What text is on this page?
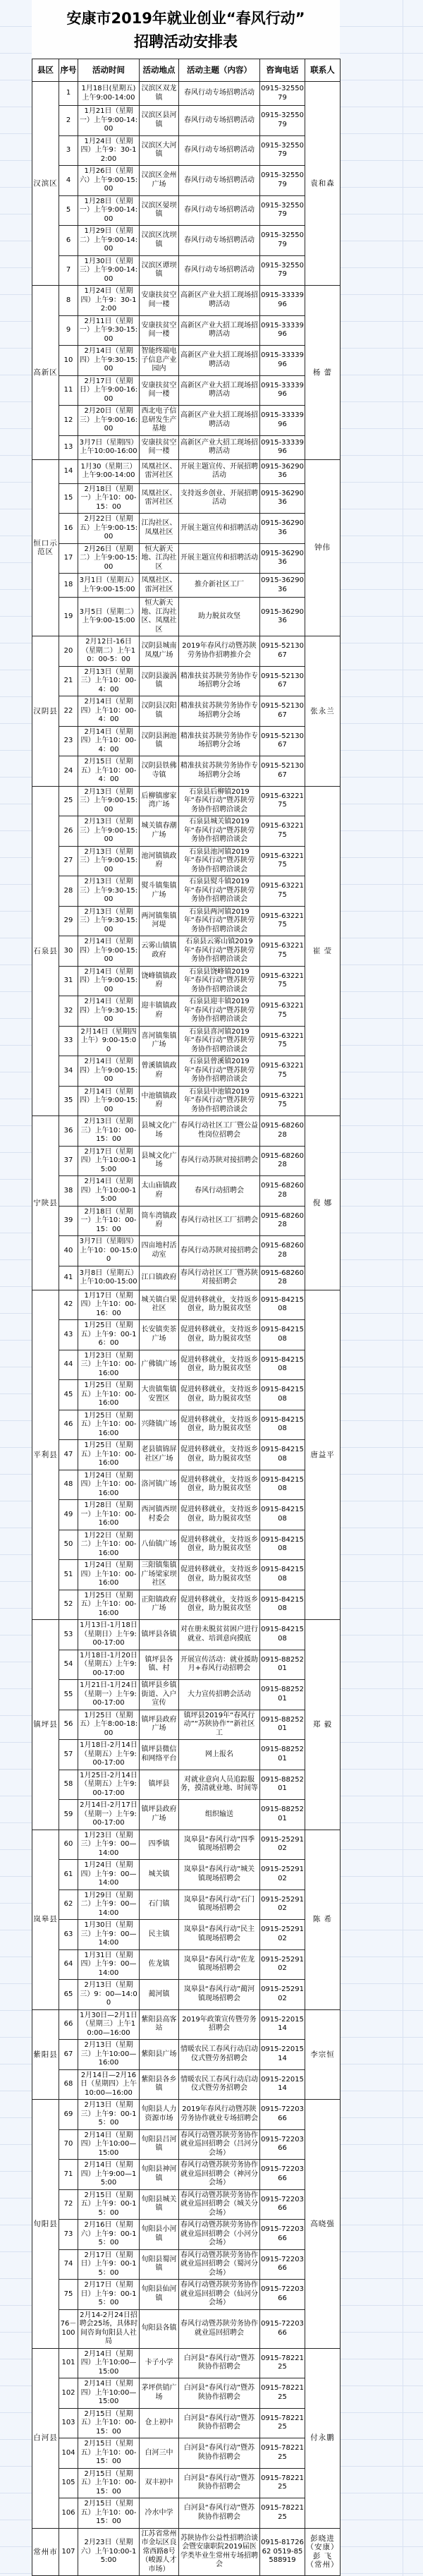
安康市2019年就业创业“春风行动”
招聘活动安排表
县区	序号	活动时间	活动地点	活动主题（内容）	咨询电话	联系人
汉滨区	1	1月18日(星期五)上午9:00-14:00	汉滨区双龙镇	春风行动专场招聘活动	0915-3255079	袁和森
	2	1月21日（星期一）上午9:00-14:00	汉滨区县河镇	春风行动专场招聘活动	0915-3255079	
	3	1月24日（星期四）上午9：30-12:00	汉滨区大河镇	春风行动专场招聘活动	0915-3255079	
	4	1月26日（星期六）上午9:00-15:00	汉滨区金州广场	春风行动专场招聘活动	0915-3255079	
	5	1月28日（星期一）上午9:00-14:00	汉滨区晏坝镇	春风行动专场招聘活动	0915-3255079	
	6	1月29日（星期二）上午9:00-14:00	汉滨区沈坝镇	春风行动专场招聘活动	0915-3255079	
	7	1月30日（星期三）上午9:00-14:00	汉滨区谭坝镇	春风行动专场招聘活动	0915-3255079	
高新区	8	1月24日（星期四）上午9：30-12:00	安康扶贫空间一楼	高新区产业大招工现场招聘活动	0915-3333996	杨 蕾
	9	2月11日（星期一）上午9:30-15:00	安康扶贫空间一楼	高新区产业大招工现场招聘活动	0915-3333996	
	10	2月14日（星期四）上午9:30-15:00	智能终端电子信息产业园内	高新区产业大招工现场招聘活动	0915-3333996	
	11	2月17日（星期日）上午9:00-16:00	安康扶贫空间一楼	高新区产业大招工现场招聘活动	0915-3333996	
	12	2月20日（星期三）上午9:00-16:00	西北电子信息研发生产基地	高新区产业大招工现场招聘活动	0915-3333996	
	13	3月7日（星期四）上午10:00-16:00	安康扶贫空间一楼	高新区产业大招工现场招聘活动	0915-3333996	
恒口示范区	14	1月30（星期三）上午9:00-14:00	凤凰社区、雷河社区	开展主题宣传、开展招聘活动	0915-3629036	钟伟
	15	2月18日（星期一）上午10：00-15：00	凤凰社区、雷河社区	支持返乡创业、开展招聘活动	0915-3629036	
	16	2月22日（星期五）上午9:00-15:00	江沟社区、凤凰社区	开展主题宣传和招聘活动	0915-3629036	
	17	2月26日（星期二）上午9:00-15:00	恒大新天地、江沟社区	开展主题宣传和招聘活动	0915-3629036	
	18	3月1日（星期五）上午9:00-15:00	凤凰社区、雷河社区	推介新社区工厂	0915-3629036	
	19	3月5日（星期二）上午9:00-15:00	恒大新天地、江沟社区、凤凰社区	助力脱贫攻坚	0915-3629036	
汉阴县	20	2月12日-16日（星期二）上午10：00-5：00	汉阴县城南凤凰广场	2019年春风行动暨苏陕劳务协作招聘推介会	0915-5213067	张永兰
	21	2月13日（星期三）上午10：00-4：00	汉阴县漩涡镇	精准扶贫苏陕劳务协作专场招聘分会场	0915-5213067	
	22	2月14日（星期四）上午10：00-4：00	汉阴县汉阳镇	精准扶贫苏陕劳务协作专场招聘分会场	0915-5213067	
	23	2月14日（星期四）上午10：00-4：00	汉阴县涧池镇	精准扶贫苏陕劳务协作专场招聘分会场	0915-5213067	
	24	2月15日（星期五）上午10：00-4：00	汉阴县铁佛寺镇	精准扶贫苏陕劳务协作专场招聘分会场	0915-5213067	
石泉县	25	2月13日（星期三）上午9:00-15:00	后柳镇廖家湾广场	石泉县后柳镇2019年“春风行动”暨苏陕劳务协作招聘洽谈会	0915-6322175	崔 莹
	26	2月13日（星期三）上午9:00-15:00	城关镇春潮广场	石泉县城关镇2019年“春风行动”暨苏陕劳务协作招聘洽谈会	0915-6322175	
	27	2月13日（星期三）上午9:00-15:00	池河镇镇政府	石泉县池河镇2019年“春风行动”暨苏陕劳务协作招聘洽谈会	0915-6322175	
	28	2月13日（星期三）上午9:30-15:00	熨斗镇集镇广场	石泉县熨斗镇2019年“春风行动”暨苏陕劳务协作招聘洽谈会	0915-6322175	
	29	2月13日（星期三）上午9:30-15:00	两河镇集镇河堤	石泉县两河镇2019年“春风行动”暨苏陕劳务协作招聘洽谈会	0915-6322175	
	30	2月14日（星期四）上午9:00-15:00	云雾山镇镇政府	石泉县云雾山镇2019年“春风行动”暨苏陕劳务协作招聘洽谈会	0915-6322175	
	31	2月14日（星期四）上午9:00-15:00	饶峰镇镇政府	石泉县饶峰镇2019年“春风行动”暨苏陕劳务协作招聘洽谈会	0915-6322175	
	32	2月14日（星期四）上午9:30-15:00	迎丰镇镇政府	石泉县迎丰镇2019年“春风行动”暨苏陕劳务协作招聘洽谈会	0915-6322175	
	33	2月14日（星期四上午）9:00-15:00	喜河镇集镇广场	石泉县喜河镇2019年“春风行动”暨苏陕劳务协作招聘洽谈会	0915-6322175	
	34	2月14日（星期四）上午9:00-15:00	曾溪镇镇政府	石泉县曾溪镇2019年“春风行动”暨苏陕劳务协作招聘洽谈会	0915-6322175	
	35	2月14日（星期四）上午9:00-15:00	中池镇镇政府	石泉县中池镇2019年“春风行动”暨苏陕劳务协作招聘洽谈会	0915-6322175	
宁陕县	36	2月13日（星期三）上午10：00-15：00	县城文化广场	春风行动社区工厂暨公益性岗位招聘会	0915-6826028	倪 娜
	37	2月17日（星期四）上午10:00-15:00	县城文化广场	春风行动苏陕对接招聘会	0915-6826028	
	38	2月14日（星期四）上午10:00-15:00	太山庙镇政府	春风行动招聘会	0915-6826028	
	39	2月18日（星期一）上午10：00-15：00	筒车湾镇政府	春风行动社区工厂招聘会	0915-6826028	
	40	3月7日（星期四）上午10：00-15:00	四亩地村活动室	春风行动苏陕对接招聘会	0915-6826028	
	41	3月8日（星期五）上午10:00-15:00	江口镇政府	春风行动社区工厂暨苏陕对接招聘会	0915-6826028	
平利县	42	1月17日（星期四）上午10：00-16：00	城关镇白果社区	促进转移就业，支持返乡创业，助力脱贫攻坚	0915-8421508	唐益平
	43	1月25日（星期五）上午9：00-16：00	长安镇奕茶广场	促进转移就业，支持返乡创业，助力脱贫攻坚	0915-8421508	
	44	1月23日（星期三）上午10：00-16:00	广佛镇广场	促进转移就业，支持返乡创业，助力脱贫攻坚	0915-8421508	
	45	1月25日（星期五）上午10：00-16:00	大贵镇集镇安置区	促进转移就业，支持返乡创业，助力脱贫攻坚	0915-8421508	
	46	1月25日（星期五）上午10：00-16:00	兴隆镇广场	促进转移就业，支持返乡创业，助力脱贫攻坚	0915-8421508	
	47	1月25日（星期五）上午10：00-16:00	老县镇锦屏社区广场	促进转移就业，支持返乡创业，助力脱贫攻坚	0915-8421508	
	48	1月24日（星期四）上午10：00-16:00	洛河镇广场	促进转移就业，支持返乡创业，助力脱贫攻坚	0915-8421508	
	49	1月28日（星期一）上午10：00-16:00	西河镇西坝村委会	促进转移就业，支持返乡创业，助力脱贫攻坚	0915-8421508	
	50	1月22日（星期二）上午10：00-16:00	八仙镇广场	促进转移就业，支持返乡创业，助力脱贫攻坚	0915-8421508	
	51	1月24日（星期四）上午10：00-16:00	三阳镇集镇广场梁家坝社区	促进转移就业，支持返乡创业，助力脱贫攻坚	0915-8421508	
	52	1月25日（星期五）上午10：00-16:00	正阳镇政府广场	促进转移就业，支持返乡创业，助力脱贫攻坚	0915-8421508	
镇坪县	53	1月13日-1月18日（星期日）上午9:00-17:00	镇坪县各镇	对在册未脱贫贫困户进行就业、培训意向摸底	0915-8421508	郑 毅
	54	1月18日-1月20日（星期五）上午9:00-17:00	镇坪县各镇、村	开展宣传活动：就业援助月+春风行动招聘会	0915-8825201	
	55	1月21日-1月24日（星期一）上午9:00-17:00	镇坪县乡镇街道、入户宣传	大力宣传招聘会活动	0915-8825201	
	56	1月25日（星期五）上午8:00-18:00	镇坪县政府广场	镇坪县2019年“春风行动”“苏陕协作”“新社区工	0915-8825201	
	57	1月18日-2月14日（星期五）上午9:00-17:00	镇坪县微信和网络平台	网上报名	0915-8825201	
	58	1月25日-2月14日（星期五）上午9:00-17:00	镇坪县	对就业意向人员追踪服务，摸清就业地、时间等	0915-8825201	
	59	2月14日-2月17日（星期一）上午9:00-17:00	镇坪县政府广场	组织输送	0915-8825201	
岚皋县	60	1月23日（星期三）上午9：00—14:00	四季镇	岚皋县“春风行动”四季镇现场招聘会	0915-2529102	陈 希
	61	1月24日（星期四）上午9：00—14:00	城关镇	岚皋县“春风行动”城关镇现场招聘会	0915-2529102	
	62	1月29日（星期二）上午9：00—14:00	石门镇	岚皋县“春风行动”石门镇现场招聘会	0915-2529102	
	63	1月30日（星期三）上午9：00—14:00	民主镇	岚皋县“春风行动”民主镇现场招聘会	0915-2529102	
	64	1月31日（星期四）上午9：00—14:00	佐龙镇	岚皋县“春风行动”佐龙镇现场招聘会	0915-2529102	
	65	2月13日（星期三）9：00—14:00	蔺河镇	岚皋县“春风行动”蔺河镇现场招聘会	0915-2529102	
紫阳县	66	1月30日—2月1日（星期三）上午10:00—16:00	紫阳县高客站	2019年政策宣传暨劳务招聘会	0915-2201514	李宗恒
	67	2月13日（星期三）上午10:00—16:00	紫阳县广场	情暖农民工春风行动启动仪式暨劳务招聘会	0915-2201514	
	68	2月14日—2月16日（星期四）上午10:00—16:00	紫阳县各乡镇	情暖农民工春风行动启动仪式暨劳务招聘会	0915-2201514	
旬阳县	69	2月13日（星期三）上午9：00-15：00	旬阳县人力资源市场	2019年春风行动暨苏陕劳务协作就业专场招聘会	0915-7220366	高晓强
	70	2月14日（星期四）上午10:00—15:00	旬阳县吕河镇	春风行动暨苏陕劳务协作就业巡回招聘会（吕河分会场）	0915-7220366	
	71	2月14日（星期四）上午9:00—15:00	旬阳县神河镇	春风行动暨苏陕劳务协作就业巡回招聘会（神河分会场）	0915-7220366	
	72	2月15日（星期五）上午9：00-15：00	旬阳县城关镇	春风行动暨苏陕劳务协作就业巡回招聘会（城关分会场）	0915-7220366	
	73	2月16日（星期六）上午9：00-15：00	旬阳县小河镇	春风行动暨苏陕劳务协作就业巡回招聘会（小河分会场）	0915-7220366	
	74	2月17日（星期日）上午9：00-15：00	旬阳县蜀河镇	春风行动暨苏陕劳务协作就业巡回招聘会（蜀河分会场）	0915-7220366	
	75	2月17日（星期日）上午9：00-15：00	旬阳县仙河镇	春风行动暨苏陕劳务协作就业巡回招聘会（仙河分会场）	0915-7220366	
	76－100	2月14-2月24日招聘会25场，具体时间咨询旬阳县人社局	旬阳县各镇	春风行动暨苏陕劳务协作就业巡回招聘会	0915-7220366	
白河县	101	2月14日（星期四）上午10:00—15:00	卡子小学	白河县“春风行动”暨苏陕协作招聘会	0915-7822125	付永鹏
	102	2月14日（星期四）上午10:00—15:00	茅坪供销广场	白河县“春风行动”暨苏陕协作招聘会	0915-7822125	
	103	2月15日（星期五）上午10：00-15：00	仓上初中	白河县“春风行动”暨苏陕协作招聘会	0915-7822125	
	104	2月15日（星期五）上午10：00-15：00	白河三中	白河县“春风行动”暨苏陕协作招聘会	0915-7822125	
	105	2月15日（星期五）上午10：00-15：00	双丰初中	白河县“春风行动”暨苏陕协作招聘会	0915-7822125	
	106	2月15日（星期五）上午10：00-15：00	冷水中学	白河县“春风行动”暨苏陕协作招聘会	0915-7822125	
常州市	107	2月23日（星期六）上午10:00-15:00	江苏省常州市金坛区良常西路8号（峻源人才市场）	苏陕协作公益性招聘洽谈会暨安康职院2019届医学类毕业生常州专场招聘会	0915-8172662 0519-85588919	彭晓进（安康）彭 飞（常州）
